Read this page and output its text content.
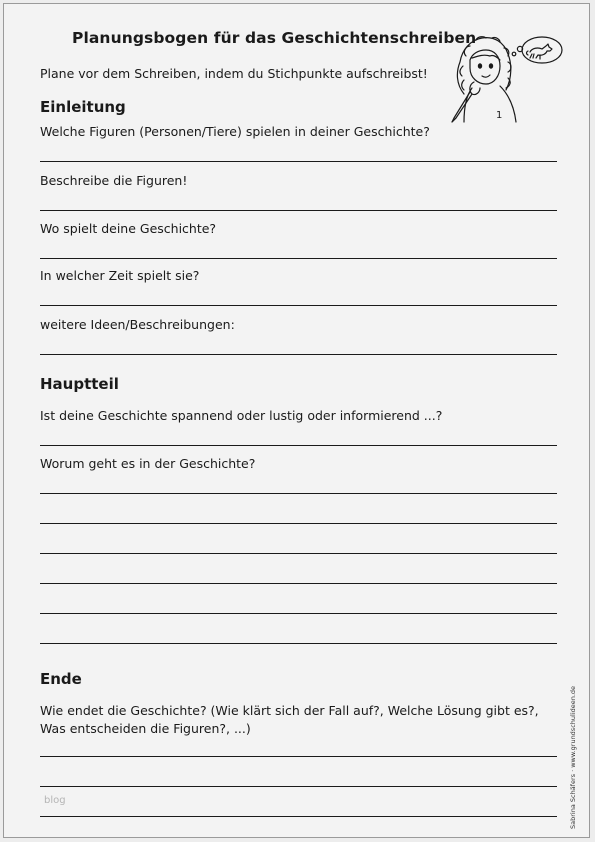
Planungsbogen für das Geschichtenschreiben
Plane vor dem Schreiben, indem du Stichpunkte aufschreibst!
1
Einleitung
Welche Figuren (Personen/Tiere) spielen in deiner Geschichte?
Beschreibe die Figuren!
Wo spielt deine Geschichte?
In welcher Zeit spielt sie?
weitere Ideen/Beschreibungen:
Hauptteil
Ist deine Geschichte spannend oder lustig oder informierend ...?
Worum geht es in der Geschichte?
Ende
Wie endet die Geschichte? (Wie klärt sich der Fall auf?, Welche Lösung gibt es?,
Was entscheiden die Figuren?, ...)
blog	Sabrina Schäfers · www.grundschulideen.de
